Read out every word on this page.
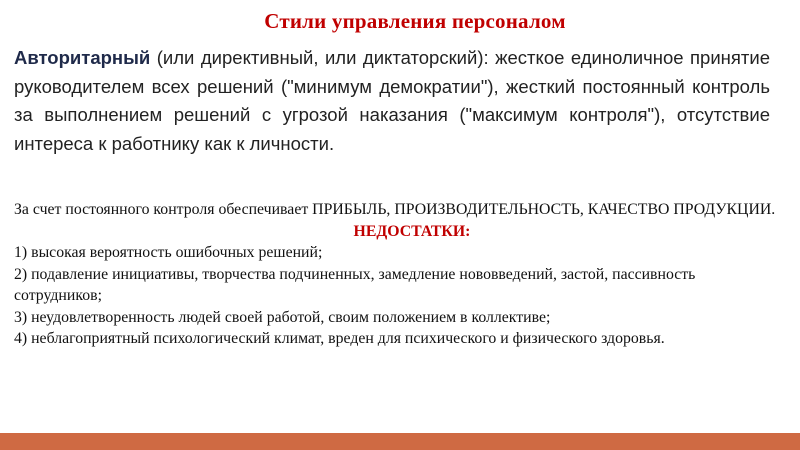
Стили управления персоналом
Авторитарный (или директивный, или диктаторский): жесткое единоличное принятие руководителем всех решений ("минимум демократии"), жесткий постоянный контроль за выполнением решений с угрозой наказания ("максимум контроля"), отсутствие интереса к работнику как к личности.

За счет постоянного контроля обеспечивает ПРИБЫЛЬ, ПРОИЗВОДИТЕЛЬНОСТЬ, КАЧЕСТВО ПРОДУКЦИИ.

НЕДОСТАТКИ:

1) высокая вероятность ошибочных решений;

2) подавление инициативы, творчества подчиненных, замедление нововведений, застой, пассивность сотрудников;

3) неудовлетворенность людей своей работой, своим положением в коллективе;

4) неблагоприятный психологический климат, вреден для психического и физического здоровья.
